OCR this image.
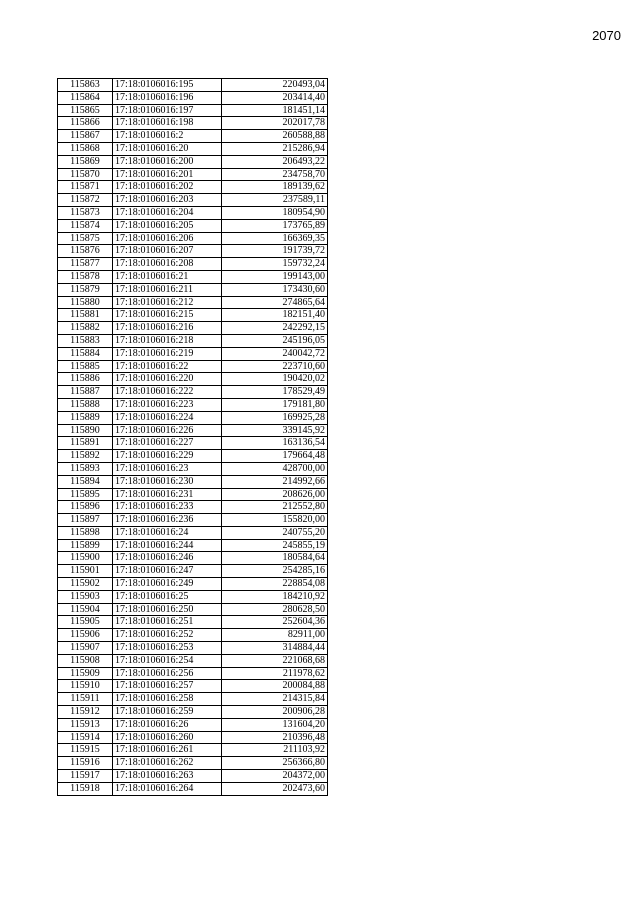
2070
115863	17:18:0106016:195	220493,04
115864	17:18:0106016:196	203414,40
115865	17:18:0106016:197	181451,14
115866	17:18:0106016:198	202017,78
115867	17:18:0106016:2	260588,88
115868	17:18:0106016:20	215286,94
115869	17:18:0106016:200	206493,22
115870	17:18:0106016:201	234758,70
115871	17:18:0106016:202	189139,62
115872	17:18:0106016:203	237589,11
115873	17:18:0106016:204	180954,90
115874	17:18:0106016:205	173765,89
115875	17:18:0106016:206	166369,35
115876	17:18:0106016:207	191739,72
115877	17:18:0106016:208	159732,24
115878	17:18:0106016:21	199143,00
115879	17:18:0106016:211	173430,60
115880	17:18:0106016:212	274865,64
115881	17:18:0106016:215	182151,40
115882	17:18:0106016:216	242292,15
115883	17:18:0106016:218	245196,05
115884	17:18:0106016:219	240042,72
115885	17:18:0106016:22	223710,60
115886	17:18:0106016:220	190420,02
115887	17:18:0106016:222	178529,49
115888	17:18:0106016:223	179181,80
115889	17:18:0106016:224	169925,28
115890	17:18:0106016:226	339145,92
115891	17:18:0106016:227	163136,54
115892	17:18:0106016:229	179664,48
115893	17:18:0106016:23	428700,00
115894	17:18:0106016:230	214992,66
115895	17:18:0106016:231	208626,00
115896	17:18:0106016:233	212552,80
115897	17:18:0106016:236	155820,00
115898	17:18:0106016:24	240755,20
115899	17:18:0106016:244	245855,19
115900	17:18:0106016:246	180584,64
115901	17:18:0106016:247	254285,16
115902	17:18:0106016:249	228854,08
115903	17:18:0106016:25	184210,92
115904	17:18:0106016:250	280628,50
115905	17:18:0106016:251	252604,36
115906	17:18:0106016:252	82911,00
115907	17:18:0106016:253	314884,44
115908	17:18:0106016:254	221068,68
115909	17:18:0106016:256	211978,62
115910	17:18:0106016:257	200084,88
115911	17:18:0106016:258	214315,84
115912	17:18:0106016:259	200906,28
115913	17:18:0106016:26	131604,20
115914	17:18:0106016:260	210396,48
115915	17:18:0106016:261	211103,92
115916	17:18:0106016:262	256366,80
115917	17:18:0106016:263	204372,00
115918	17:18:0106016:264	202473,60
